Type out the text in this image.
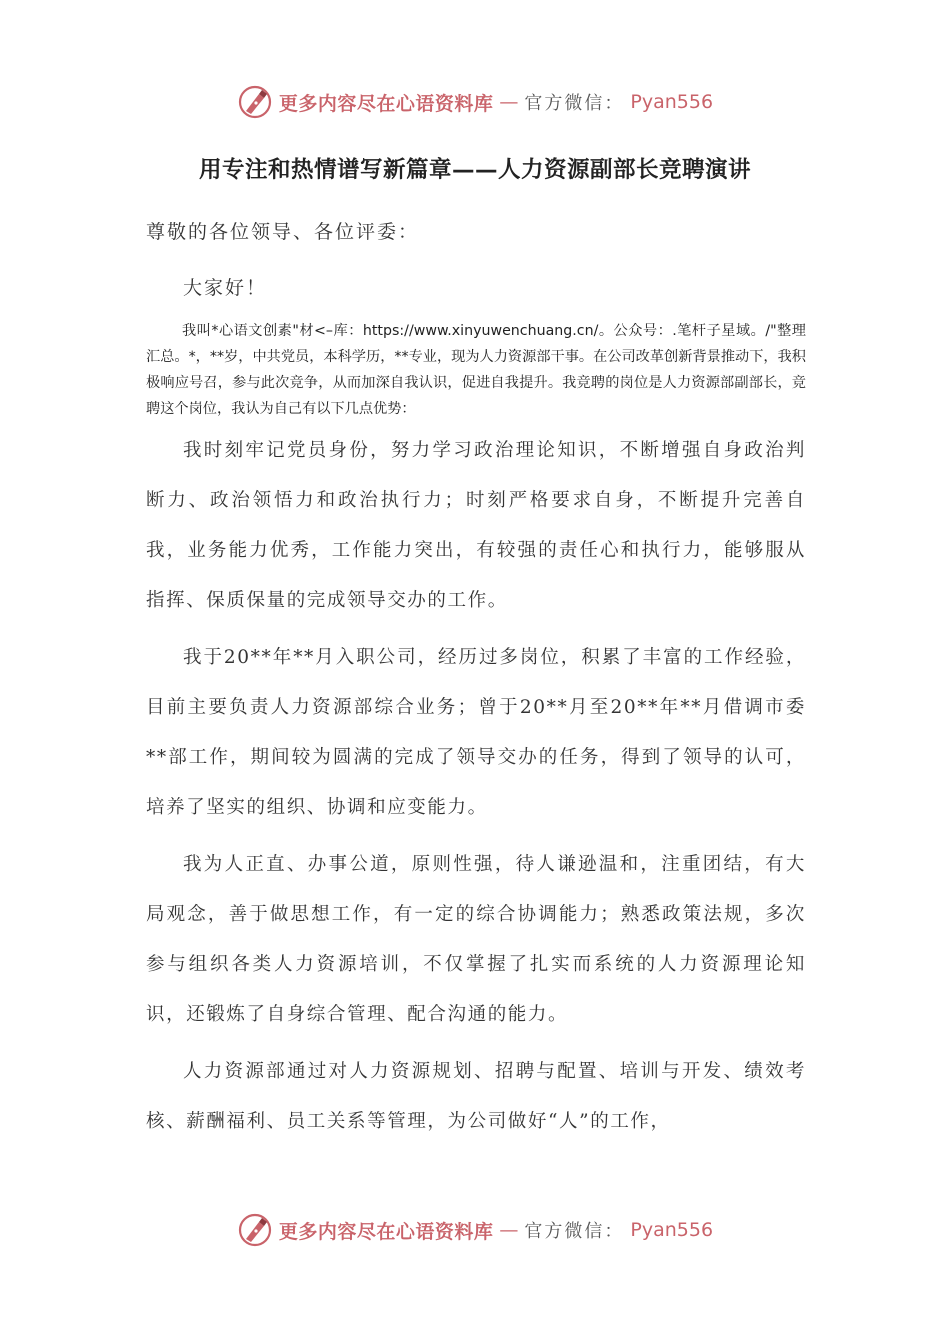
更多内容尽在心语资料库 — 官方微信： Pyan556
用专注和热情谱写新篇章——人力资源副部长竞聘演讲
尊敬的各位领导、各位评委：
大家好！
我叫*心语文创素"材<–库：https://www.xinyuwenchuang.cn/。公众号：.笔杆子星域。/"整理汇总。*，**岁，中共党员，本科学历，**专业，现为人力资源部干事。在公司改革创新背景推动下，我积极响应号召，参与此次竞争，从而加深自我认识，促进自我提升。我竞聘的岗位是人力资源部副部长，竞聘这个岗位，我认为自己有以下几点优势：

我时刻牢记党员身份，努力学习政治理论知识，不断增强自身政治判断力、政治领悟力和政治执行力；时刻严格要求自身，不断提升完善自我，业务能力优秀，工作能力突出，有较强的责任心和执行力，能够服从指挥、保质保量的完成领导交办的工作。

我于20**年**月入职公司，经历过多岗位，积累了丰富的工作经验，目前主要负责人力资源部综合业务；曾于20**月至20**年**月借调市委**部工作，期间较为圆满的完成了领导交办的任务，得到了领导的认可，培养了坚实的组织、协调和应变能力。

我为人正直、办事公道，原则性强，待人谦逊温和，注重团结，有大局观念，善于做思想工作，有一定的综合协调能力；熟悉政策法规，多次参与组织各类人力资源培训，不仅掌握了扎实而系统的人力资源理论知识，还锻炼了自身综合管理、配合沟通的能力。

人力资源部通过对人力资源规划、招聘与配置、培训与开发、绩效考核、薪酬福利、员工关系等管理，为公司做好“人”的工作，

更多内容尽在心语资料库 — 官方微信： Pyan556
